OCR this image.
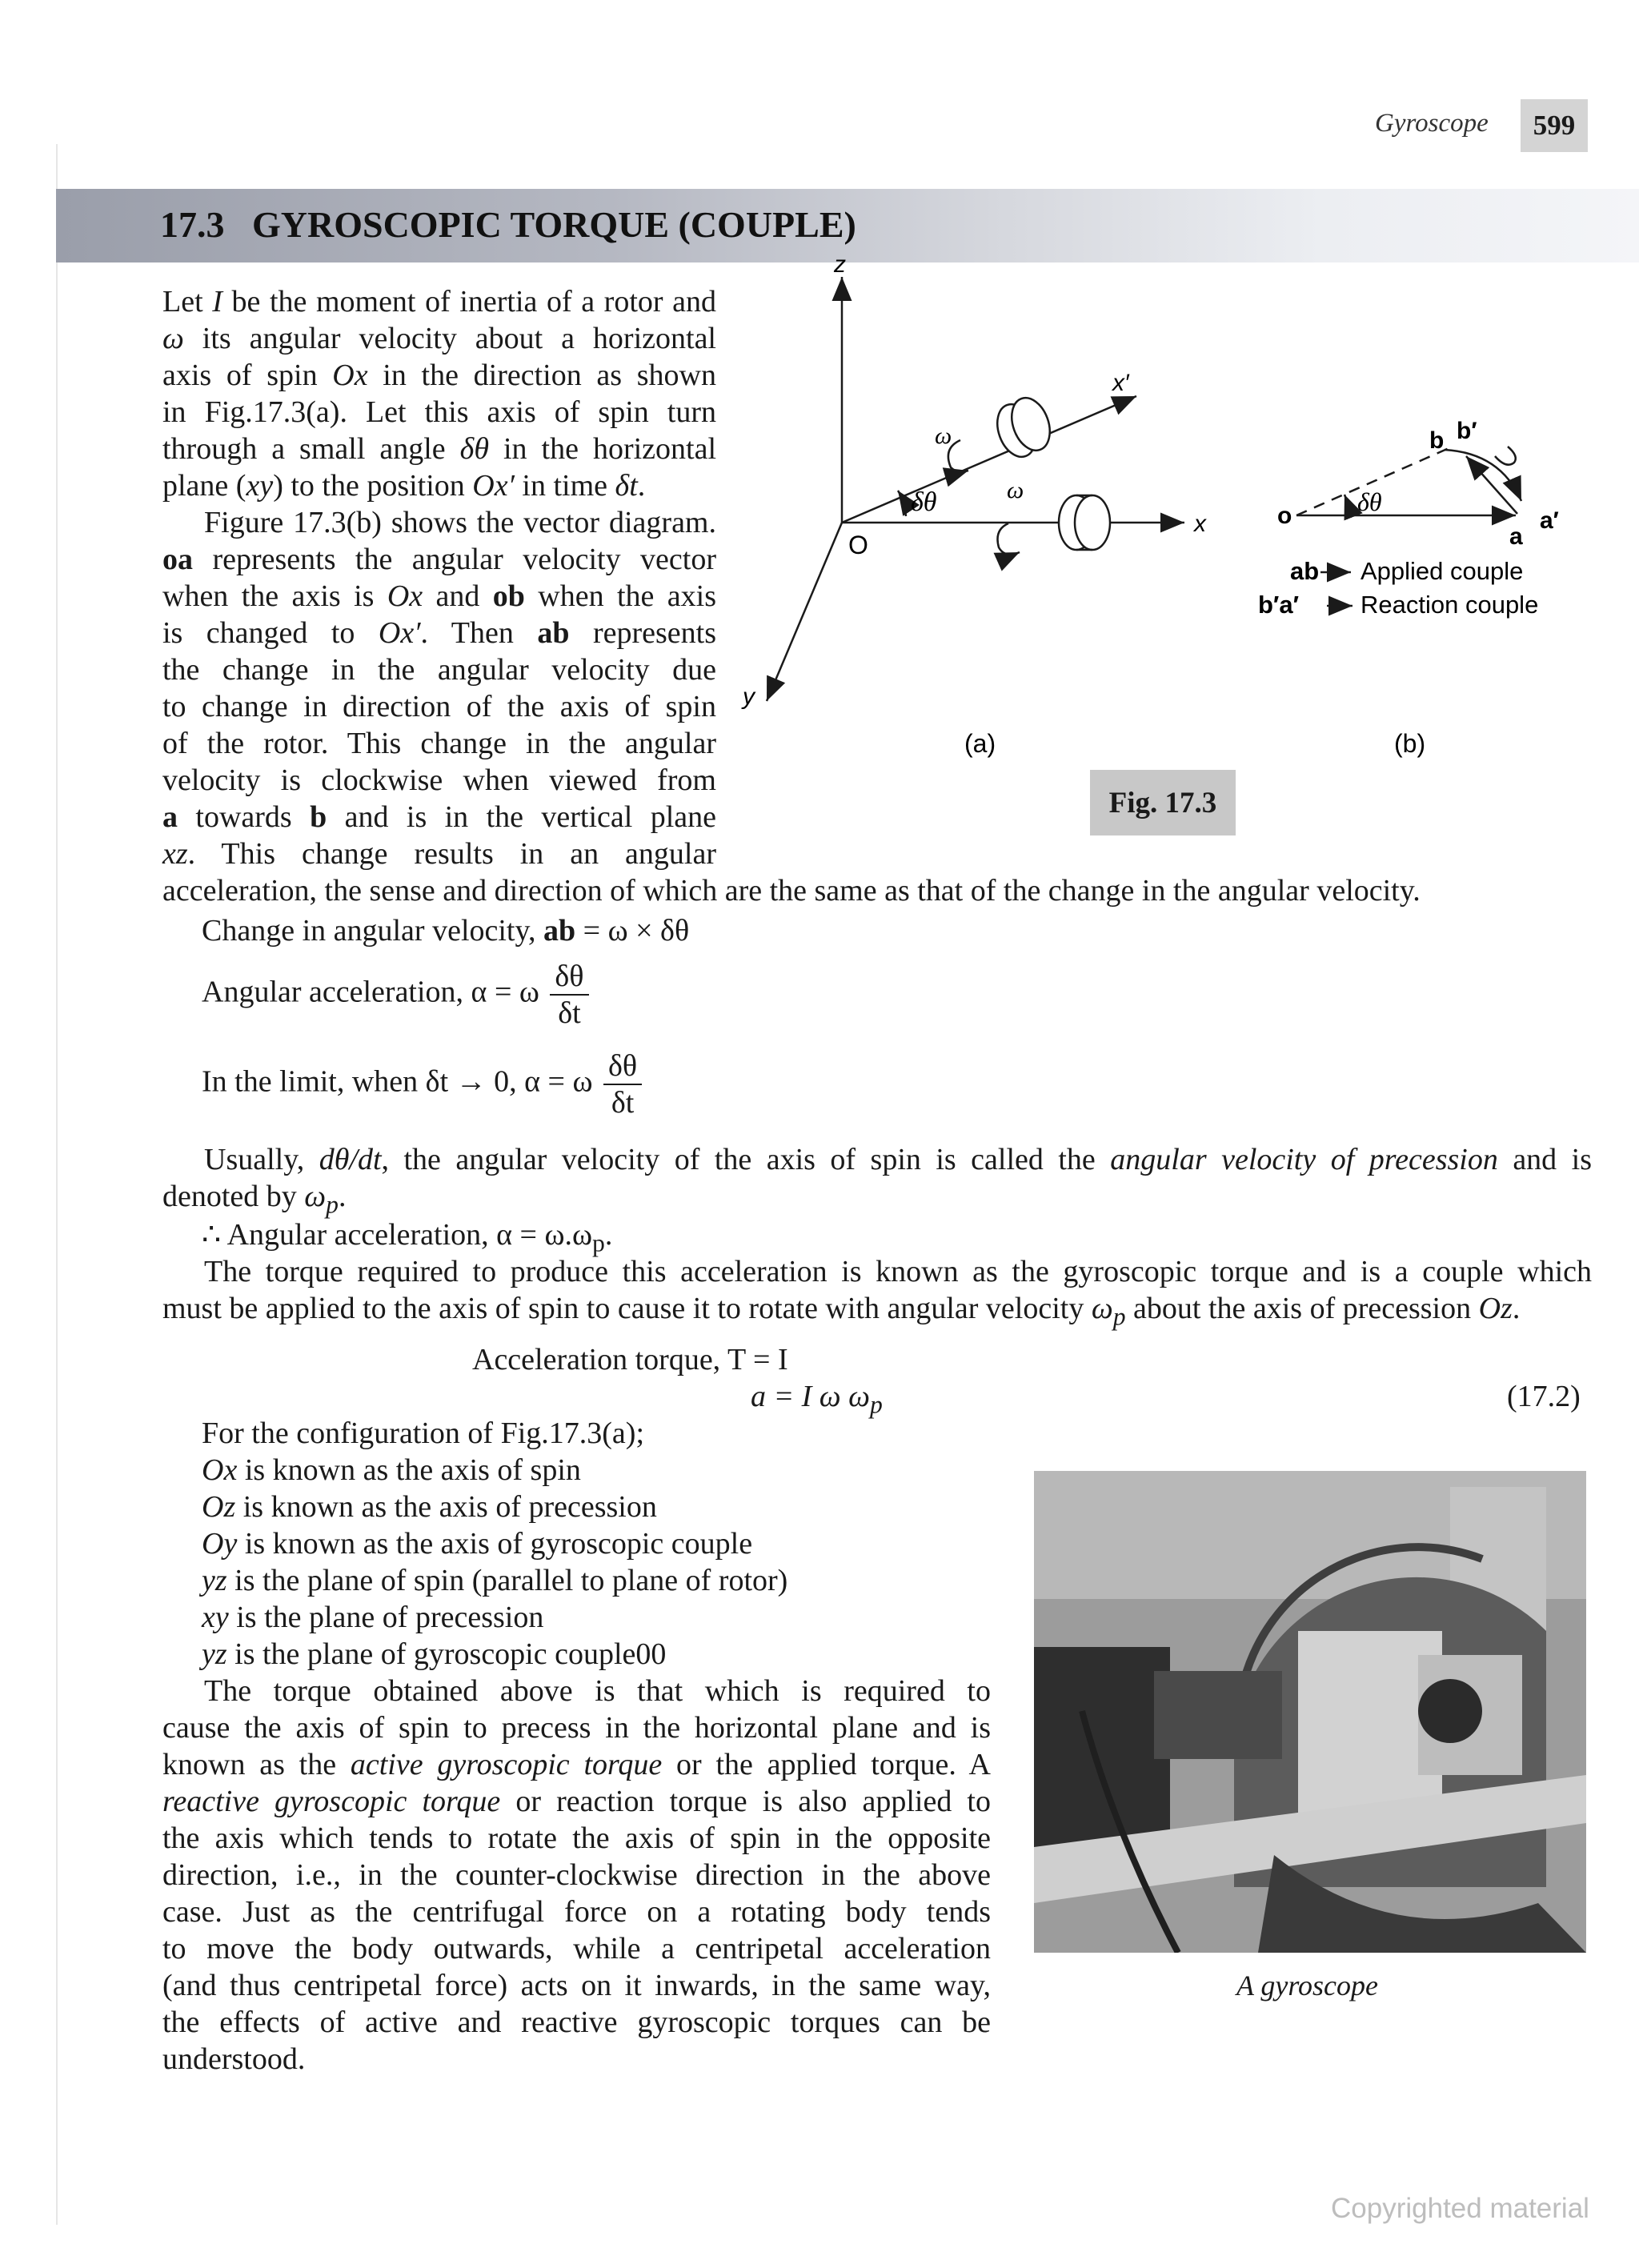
Gyroscope	599
17.3 GYROSCOPIC TORQUE (COUPLE)

Let I be the moment of inertia of a rotor and

ω its angular velocity about a horizontal

axis of spin Ox in the direction as shown

in Fig.17.3(a). Let this axis of spin turn

through a small angle δθ in the horizontal

plane (xy) to the position Ox′ in time δt.

Figure 17.3(b) shows the vector diagram.

oa represents the angular velocity vector

when the axis is Ox and ob when the axis

is changed to Ox′. Then ab represents

the change in the angular velocity due

to change in direction of the axis of spin

of the rotor. This change in the angular

velocity is clockwise when viewed from

a towards b and is in the vertical plane

xz. This change results in an angular

acceleration, the sense and direction of which are the same as that of the change in the angular velocity.

z
x
x′
y
O
ω
ω
δθ
(a)
o
a
b b′
a′
δθ
ab Applied couple
b′a′ Reaction couple
(b)
Fig. 17.3
Change in angular velocity, ab = ω × δθ
Angular acceleration, α = ω $\frac{\delta\theta}{\delta t}$
In the limit, when δt → 0, α = ω $\frac{\delta\theta}{\delta t}$

Usually, dθ/dt, the angular velocity of the axis of spin is called the angular velocity of precession and is

denoted by $\omega_p$.

∴ Angular acceleration, $\alpha = \omega.\omega_p$.

The torque required to produce this acceleration is known as the gyroscopic torque and is a couple which

must be applied to the axis of spin to cause it to rotate with angular velocity $\omega_p$ about the axis of precession Oz.

Acceleration torque, T = I
a = I ω $\omega_p$	(17.2)
For the configuration of Fig.17.3(a);
Ox is known as the axis of spin
Oz is known as the axis of precession
Oy is known as the axis of gyroscopic couple
yz is the plane of spin (parallel to plane of rotor)
xy is the plane of precession
yz is the plane of gyroscopic couple00

The torque obtained above is that which is required to

cause the axis of spin to precess in the horizontal plane and is

known as the active gyroscopic torque or the applied torque. A

reactive gyroscopic torque or reaction torque is also applied to

the axis which tends to rotate the axis of spin in the opposite

direction, i.e., in the counter-clockwise direction in the above

case. Just as the centrifugal force on a rotating body tends

to move the body outwards, while a centripetal acceleration

(and thus centripetal force) acts on it inwards, in the same way,

the effects of active and reactive gyroscopic torques can be

understood.

A gyroscope
Copyrighted material
